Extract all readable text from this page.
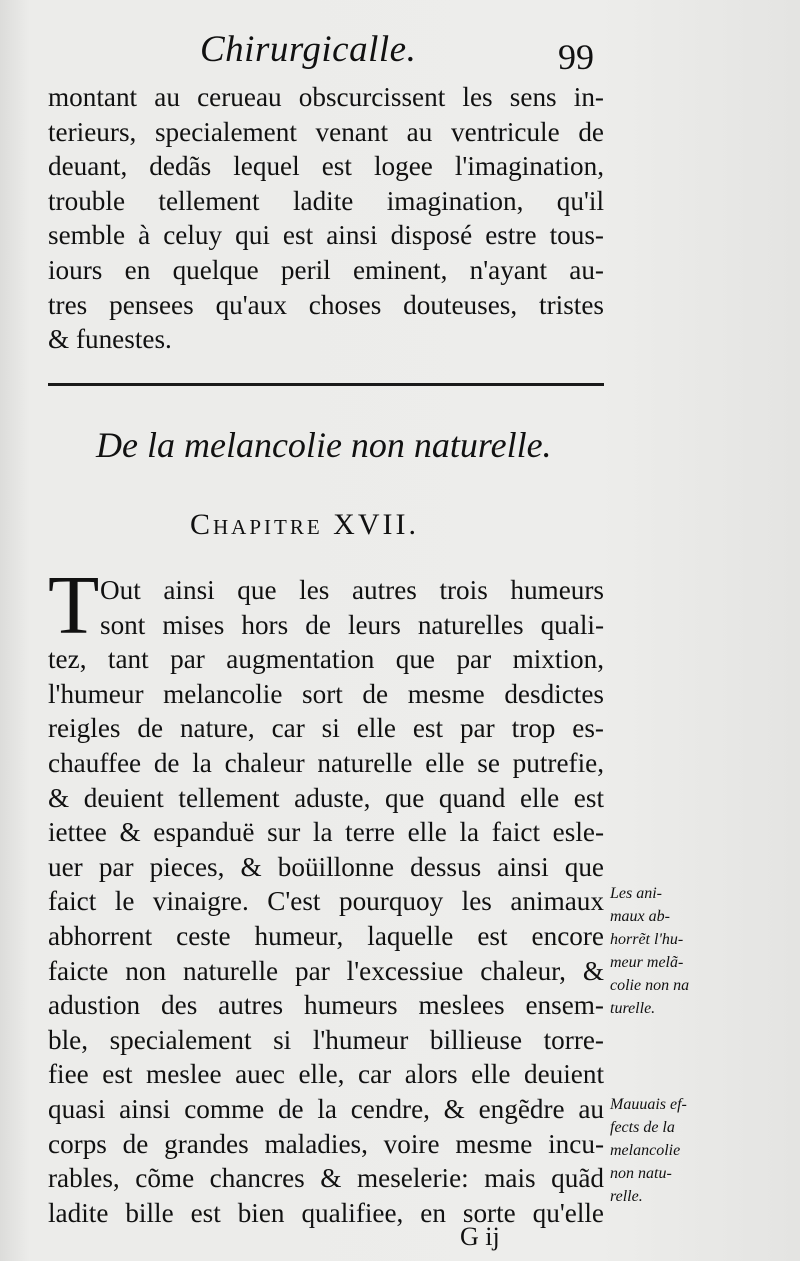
Chirurgicalle.	99
montant au cerueau obscurcissent les sens in-
terieurs, specialement venant au ventricule de
deuant, dedãs lequel est logee l'imagination,
trouble tellement ladite imagination, qu'il
semble à celuy qui est ainsi disposé estre tous-
iours en quelque peril eminent, n'ayant au-
tres pensees qu'aux choses douteuses, tristes
& funestes.
De la melancolie non naturelle.
Chapitre XVII.
T Out ainsi que les autres trois humeurs
sont mises hors de leurs naturelles quali-
tez, tant par augmentation que par mixtion,
l'humeur melancolie sort de mesme desdictes
reigles de nature, car si elle est par trop es-
chauffee de la chaleur naturelle elle se putrefie,
& deuient tellement aduste, que quand elle est
iettee & espanduë sur la terre elle la faict esle-
uer par pieces, & boüillonne dessus ainsi que
faict le vinaigre. C'est pourquoy les animaux
abhorrent ceste humeur, laquelle est encore
faicte non naturelle par l'excessiue chaleur, &
adustion des autres humeurs meslees ensem-
ble, specialement si l'humeur billieuse torre-
fiee est meslee auec elle, car alors elle deuient
quasi ainsi comme de la cendre, & engẽdre au
corps de grandes maladies, voire mesme incu-
rables, cõme chancres & meselerie: mais quãd
ladite bille est bien qualifiee, en sorte qu'elle
Les ani-
maux ab-
horrẽt l'hu-
meur melã-
colie non na
turelle.
Mauuais ef-
fects de la
melancolie
non natu-
relle.
G ij
